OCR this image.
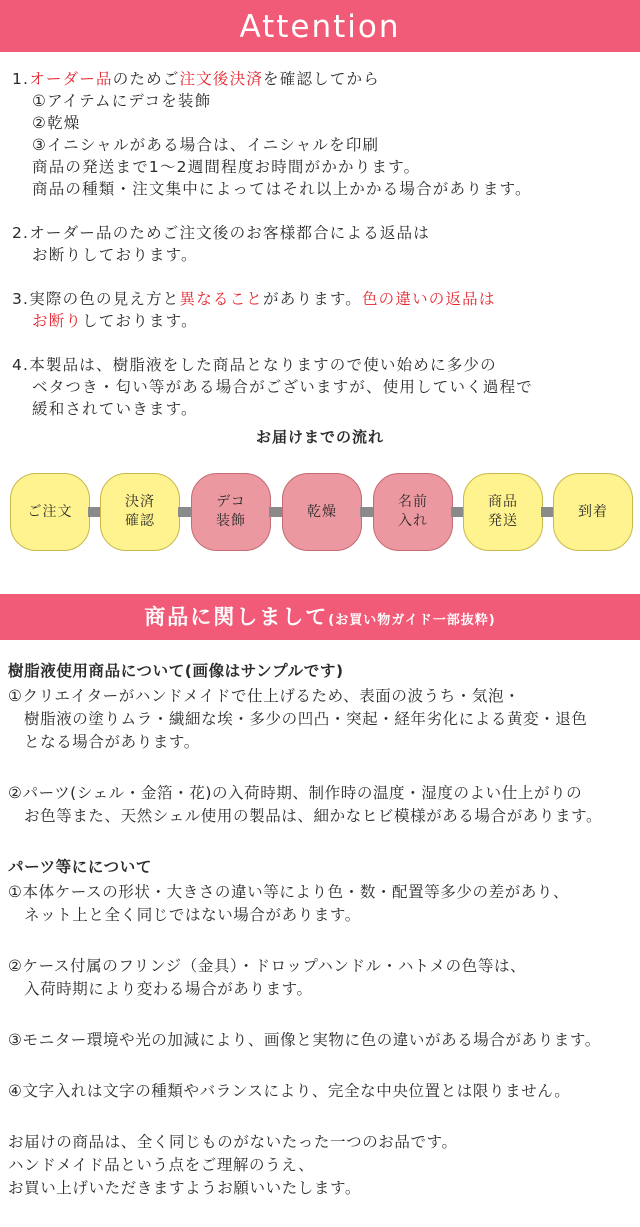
Attention
1.オーダー品のためご注文後決済を確認してから
①アイテムにデコを装飾
②乾燥
③イニシャルがある場合は、イニシャルを印刷
商品の発送まで1～2週間程度お時間がかかります。
商品の種類・注文集中によってはそれ以上かかる場合があります。
2.オーダー品のためご注文後のお客様都合による返品は
お断りしております。
3.実際の色の見え方と異なることがあります。色の違いの返品は
お断りしております。
4.本製品は、樹脂液をした商品となりますので使い始めに多少の
ベタつき・匂い等がある場合がございますが、使用していく過程で
緩和されていきます。
お届けまでの流れ
ご注文
決済
確認
デコ
装飾
乾燥
名前
入れ
商品
発送
到着
商品に関しまして(お買い物ガイド一部抜粋)
樹脂液使用商品について(画像はサンプルです)
①クリエイターがハンドメイドで仕上げるため、表面の波うち・気泡・
樹脂液の塗りムラ・繊細な埃・多少の凹凸・突起・経年劣化による黄変・退色
となる場合があります。
②パーツ(シェル・金箔・花)の入荷時期、制作時の温度・湿度のよい仕上がりの
お色等また、天然シェル使用の製品は、細かなヒビ模様がある場合があります。
パーツ等にについて
①本体ケースの形状・大きさの違い等により色・数・配置等多少の差があり、
ネット上と全く同じではない場合があります。
②ケース付属のフリンジ（金具）・ドロップハンドル・ハトメの色等は、
入荷時期により変わる場合があります。
③モニター環境や光の加減により、画像と実物に色の違いがある場合があります。
④文字入れは文字の種類やバランスにより、完全な中央位置とは限りません。
お届けの商品は、全く同じものがないたった一つのお品です。
ハンドメイド品という点をご理解のうえ、
お買い上げいただきますようお願いいたします。
